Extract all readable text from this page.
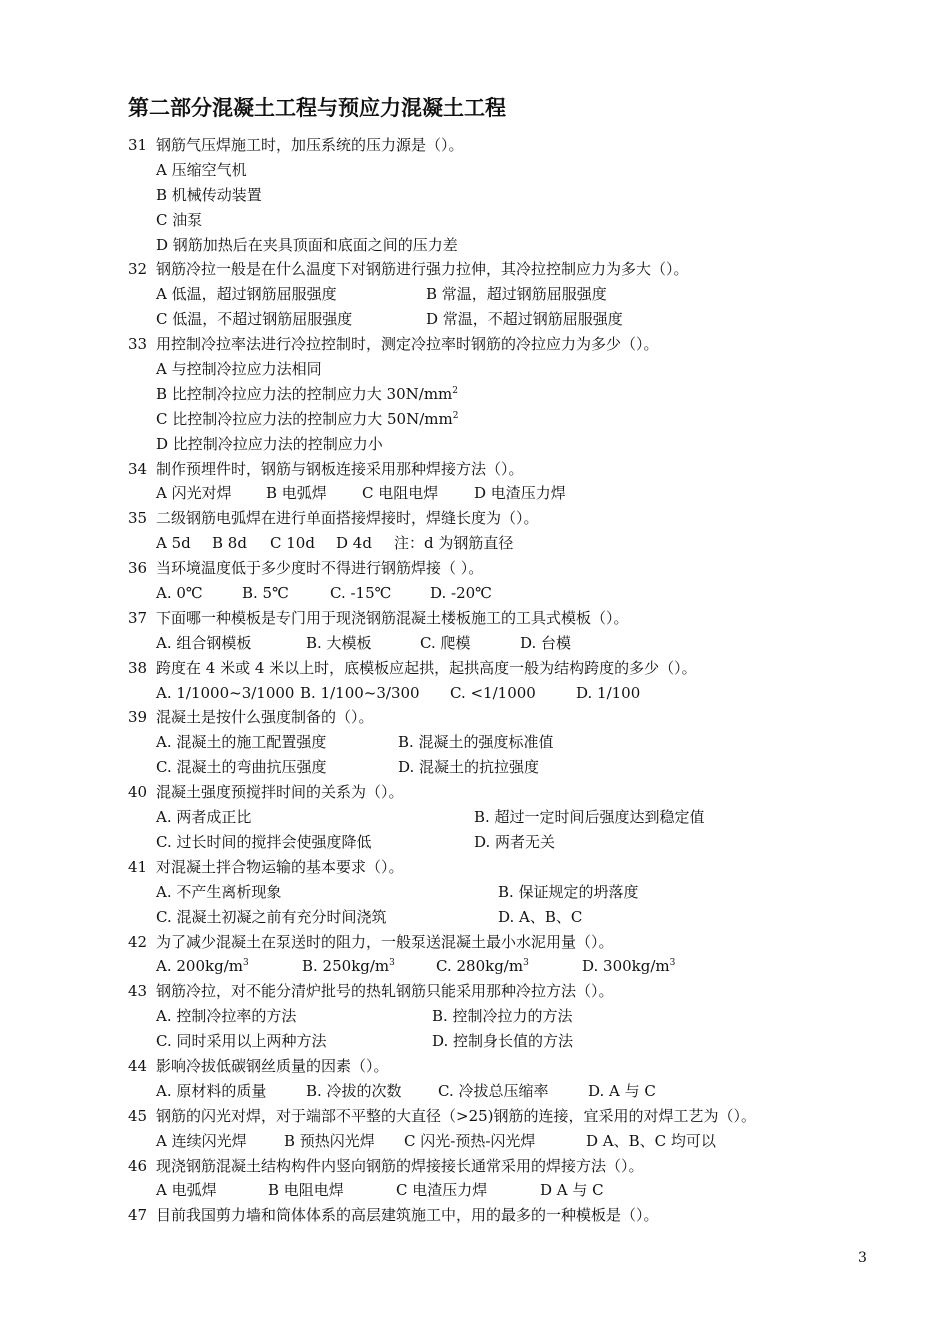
第二部分混凝土工程与预应力混凝土工程
31 钢筋气压焊施工时，加压系统的压力源是（）。
A 压缩空气机
B 机械传动装置
C 油泵
D 钢筋加热后在夹具顶面和底面之间的压力差
32 钢筋冷拉一般是在什么温度下对钢筋进行强力拉伸，其冷拉控制应力为多大（）。
A 低温，超过钢筋屈服强度	B 常温，超过钢筋屈服强度
C 低温，不超过钢筋屈服强度	D 常温，不超过钢筋屈服强度
33 用控制冷拉率法进行冷拉控制时，测定冷拉率时钢筋的冷拉应力为多少（）。
A 与控制冷拉应力法相同
B 比控制冷拉应力法的控制应力大 $30N/mm^2$
C 比控制冷拉应力法的控制应力大 $50N/mm^2$
D 比控制冷拉应力法的控制应力小
34 制作预埋件时，钢筋与钢板连接采用那种焊接方法（）。
A 闪光对焊 B 电弧焊 C 电阻电焊 D 电渣压力焊
35 二级钢筋电弧焊在进行单面搭接焊接时，焊缝长度为（）。
A 5d B 8d C 10d D 4d 注：d 为钢筋直径
36 当环境温度低于多少度时不得进行钢筋焊接（ ）。
A. 0℃	B. 5℃	C. -15℃	D. -20℃
37 下面哪一种模板是专门用于现浇钢筋混凝土楼板施工的工具式模板（）。
A. 组合钢模板	B. 大模板	C. 爬模	D. 台模
38 跨度在 4 米或 4 米以上时，底模板应起拱，起拱高度一般为结构跨度的多少（）。
A. 1/1000~3/1000 B. 1/100~3/300 C. <1/1000	D. 1/100
39 混凝土是按什么强度制备的（）。
A. 混凝土的施工配置强度	B. 混凝土的强度标准值
C. 混凝土的弯曲抗压强度	D. 混凝土的抗拉强度
40 混凝土强度预搅拌时间的关系为（）。
A. 两者成正比	B. 超过一定时间后强度达到稳定值
C. 过长时间的搅拌会使强度降低	D. 两者无关
41 对混凝土拌合物运输的基本要求（）。
A. 不产生离析现象	B. 保证规定的坍落度
C. 混凝土初凝之前有充分时间浇筑	D. A、B、C
42 为了减少混凝土在泵送时的阻力，一般泵送混凝土最小水泥用量（）。
A. $200kg/m^3$	B. $250kg/m^3$	C. $280kg/m^3$	D. $300kg/m^3$
43 钢筋冷拉，对不能分清炉批号的热轧钢筋只能采用那种冷拉方法（）。
A. 控制冷拉率的方法	B. 控制冷拉力的方法
C. 同时采用以上两种方法	D. 控制身长值的方法
44 影响冷拔低碳钢丝质量的因素（）。
A. 原材料的质量	B. 冷拔的次数 C. 冷拔总压缩率	D. A 与 C
45 钢筋的闪光对焊，对于端部不平整的大直径（>25)钢筋的连接，宜采用的对焊工艺为（）。
A 连续闪光焊 B 预热闪光焊 C 闪光-预热-闪光焊	D A、B、C 均可以
46 现浇钢筋混凝土结构构件内竖向钢筋的焊接接长通常采用的焊接方法（）。
A 电弧焊	B 电阻电焊	C 电渣压力焊	D A 与 C
47 目前我国剪力墙和筒体体系的高层建筑施工中，用的最多的一种模板是（）。
3
